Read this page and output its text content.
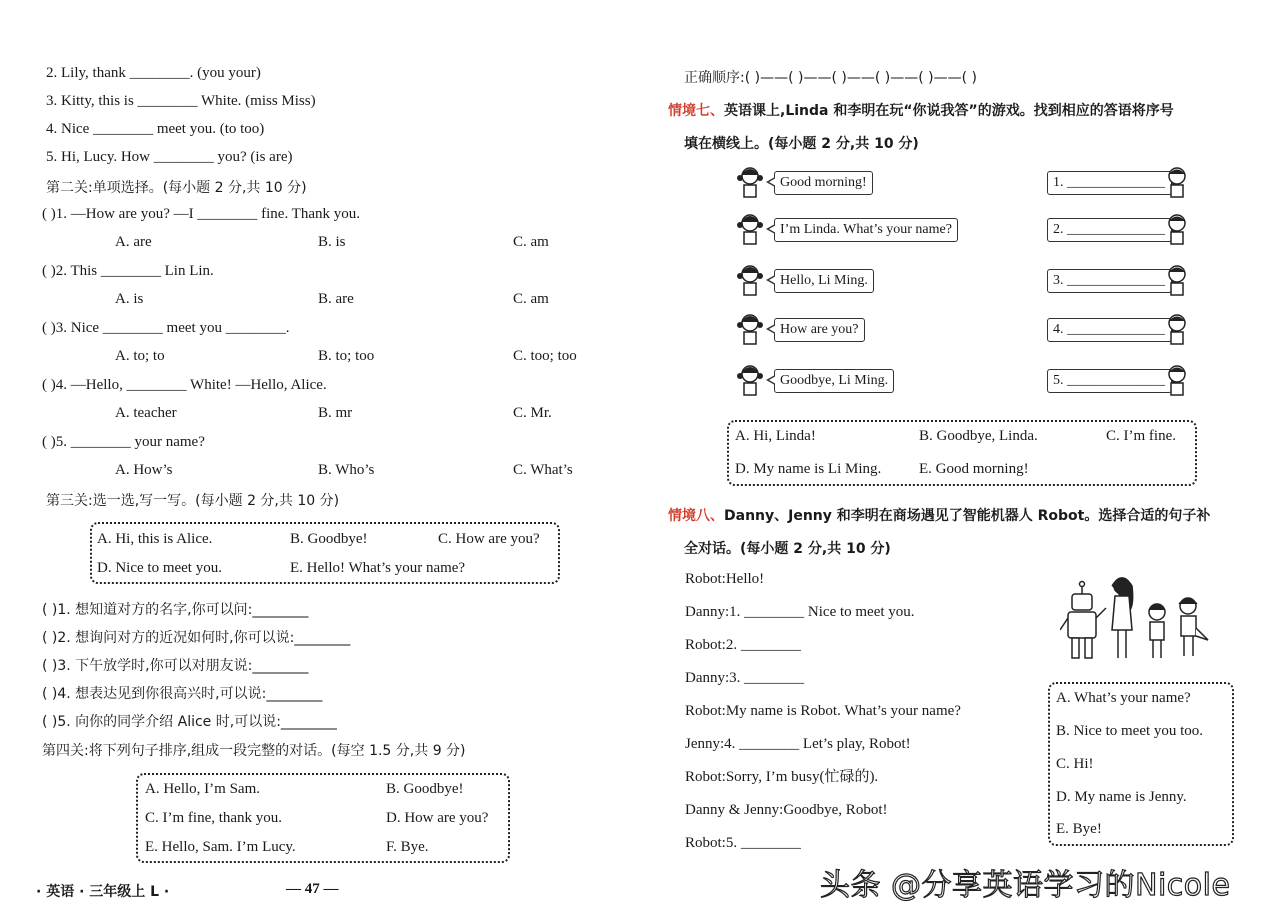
2. Lily, thank ________. (you your)
3. Kitty, this is ________ White. (miss Miss)
4. Nice ________ meet you. (to too)
5. Hi, Lucy. How ________ you? (is are)
第二关:单项选择。(每小题 2 分,共 10 分)
( )1. —How are you? —I ________ fine. Thank you.
A. are	B. is	C. am
( )2. This ________ Lin Lin.
A. is	B. are	C. am
( )3. Nice ________ meet you ________.
A. to; to	B. to; too	C. too; too
( )4. —Hello, ________ White! —Hello, Alice.
A. teacher	B. mr	C. Mr.
( )5. ________ your name?
A. How’s	B. Who’s	C. What’s
第三关:选一选,写一写。(每小题 2 分,共 10 分)
A. Hi, this is Alice.	B. Goodbye!	C. How are you?
D. Nice to meet you.	E. Hello! What’s your name?
( )1. 想知道对方的名字,你可以问:________
( )2. 想询问对方的近况如何时,你可以说:________
( )3. 下午放学时,你可以对朋友说:________
( )4. 想表达见到你很高兴时,可以说:________
( )5. 向你的同学介绍 Alice 时,可以说:________
第四关:将下列句子排序,组成一段完整的对话。(每空 1.5 分,共 9 分)
A. Hello, I’m Sam.	B. Goodbye!
C. I’m fine, thank you.	D. How are you?
E. Hello, Sam. I’m Lucy.	F. Bye.
· 英语 · 三年级上 L ·	— 47 —
正确顺序:( )——( )——( )——( )——( )——( )
情境七、英语课上,Linda 和李明在玩“你说我答”的游戏。找到相应的答语将序号
填在横线上。(每小题 2 分,共 10 分)
Good morning!	1. ______________
I’m Linda. What’s your name?	2. ______________
Hello, Li Ming.	3. ______________
How are you?	4. ______________
Goodbye, Li Ming.	5. ______________
A. Hi, Linda!	B. Goodbye, Linda.	C. I’m fine.
D. My name is Li Ming.	E. Good morning!
情境八、Danny、Jenny 和李明在商场遇见了智能机器人 Robot。选择合适的句子补
全对话。(每小题 2 分,共 10 分)
Robot:Hello!
Danny:1. ________ Nice to meet you.
Robot:2. ________
Danny:3. ________
Robot:My name is Robot. What’s your name?
Jenny:4. ________ Let’s play, Robot!
Robot:Sorry, I’m busy(忙碌的).
Danny & Jenny:Goodbye, Robot!
Robot:5. ________
A. What’s your name?
B. Nice to meet you too.
C. Hi!
D. My name is Jenny.
E. Bye!
头条 @分享英语学习的Nicole
